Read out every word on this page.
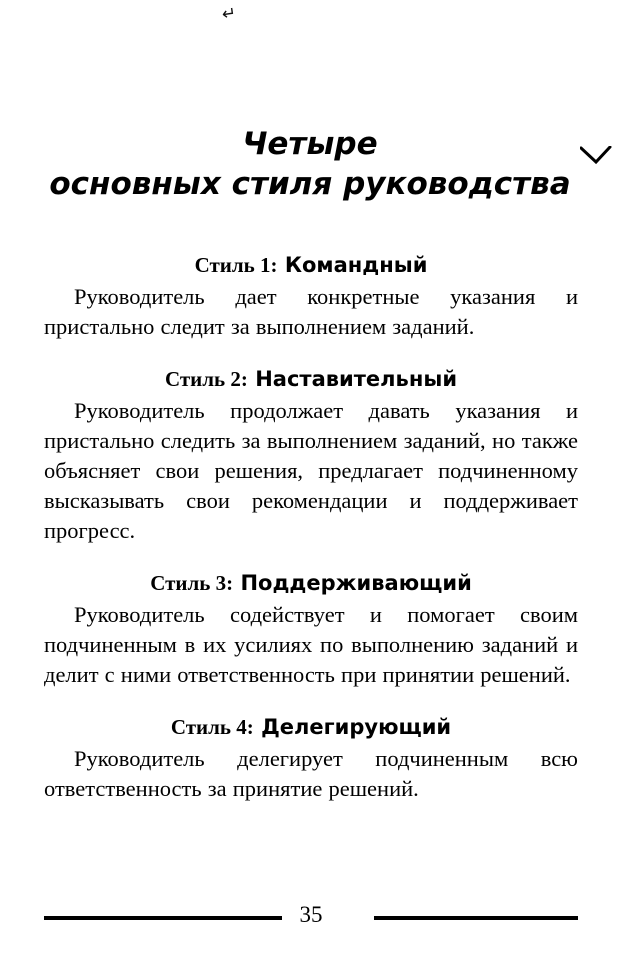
↵
Четыре
основных стиля руководства
Стиль 1: Командный
Руководитель дает конкретные указания и пристально следит за выполнением заданий.
Стиль 2: Наставительный
Руководитель продолжает давать указания и пристально следить за выполнением заданий, но также объясняет свои решения, предлагает подчиненному высказывать свои рекомендации и поддерживает прогресс.
Стиль 3: Поддерживающий
Руководитель содействует и помогает своим подчиненным в их усилиях по выполнению заданий и делит с ними ответственность при принятии решений.
Стиль 4: Делегирующий
Руководитель делегирует подчиненным всю ответственность за принятие решений.
35
